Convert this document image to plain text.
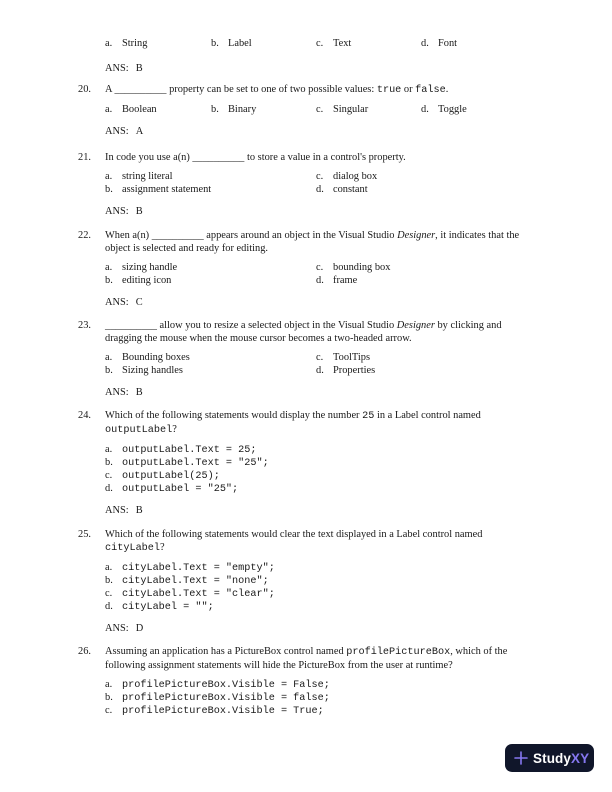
a. String	b. Label	c. Text	d. Font
ANS: B
20.	A __________ property can be set to one of two possible values: true or false.
a. Boolean	b. Binary	c. Singular	d. Toggle
ANS: A
21.	In code you use a(n) __________ to store a value in a control's property.
a. string literal	c. dialog box
b. assignment statement	d. constant
ANS: B
22.	When a(n) __________ appears around an object in the Visual Studio Designer, it indicates that the
object is selected and ready for editing.
a. sizing handle	c. bounding box
b. editing icon	d. frame
ANS: C
23.	__________ allow you to resize a selected object in the Visual Studio Designer by clicking and
dragging the mouse when the mouse cursor becomes a two-headed arrow.
a. Bounding boxes	c. ToolTips
b. Sizing handles	d. Properties
ANS: B
24.	Which of the following statements would display the number 25 in a Label control named
outputLabel?
a. outputLabel.Text = 25;
b. outputLabel.Text = "25";
c. outputLabel(25);
d. outputLabel = "25";
ANS: B
25.	Which of the following statements would clear the text displayed in a Label control named
cityLabel?
a. cityLabel.Text = "empty";
b. cityLabel.Text = "none";
c. cityLabel.Text = "clear";
d. cityLabel = "";
ANS: D
26.	Assuming an application has a PictureBox control named profilePictureBox, which of the
following assignment statements will hide the PictureBox from the user at runtime?
a. profilePictureBox.Visible = False;
b. profilePictureBox.Visible = false;
c. profilePictureBox.Visible = True;
Study XY
